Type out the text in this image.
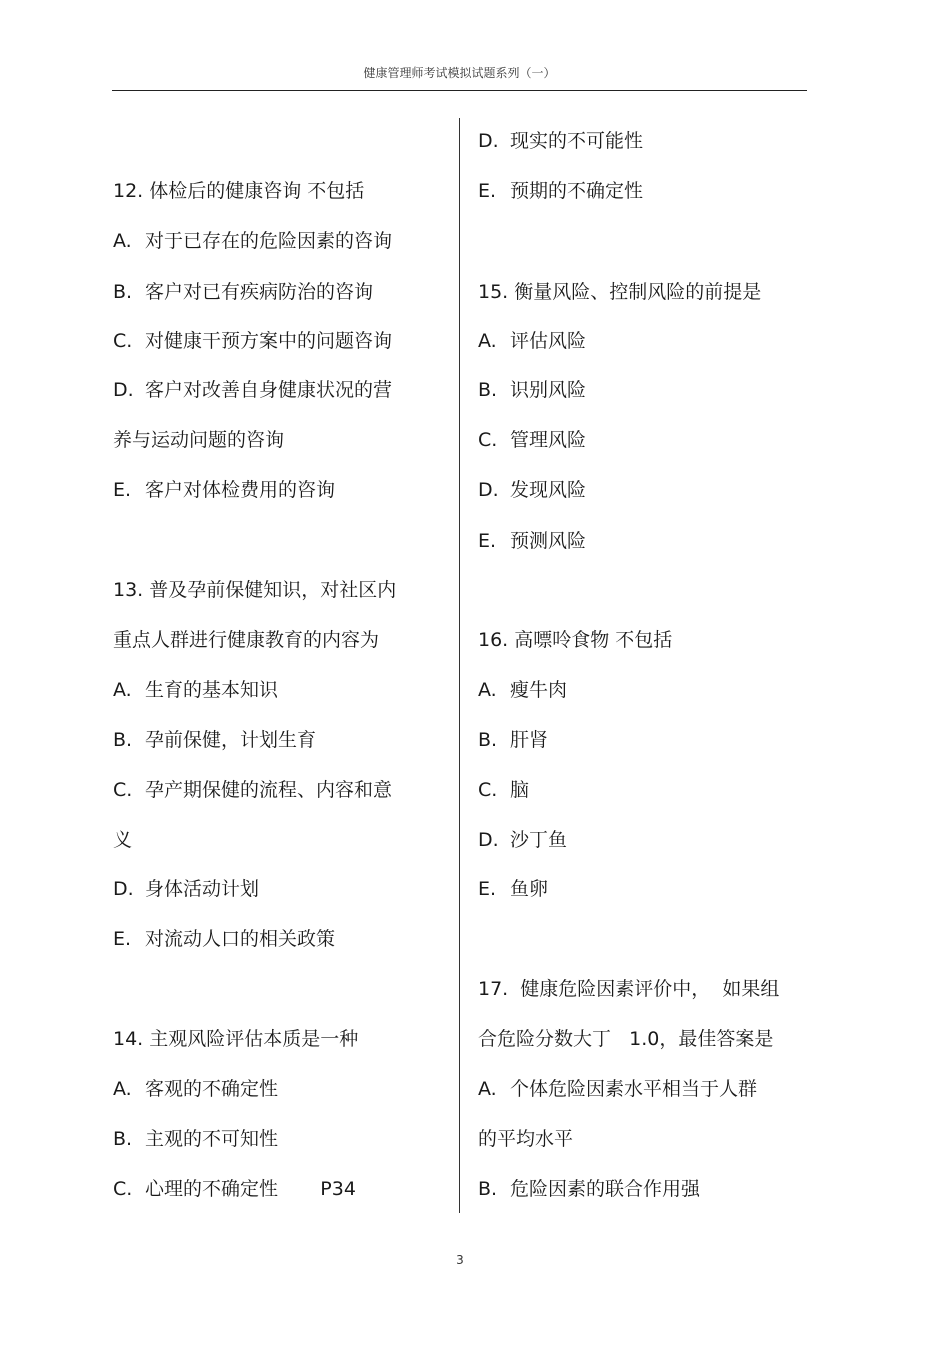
健康管理师考试模拟试题系列（一）
12. 体检后的健康咨询 不包括
A. 对于已存在的危险因素的咨询
B. 客户对已有疾病防治的咨询
C. 对健康干预方案中的问题咨询
D. 客户对改善自身健康状况的营
养与运动问题的咨询
E. 客户对体检费用的咨询
13. 普及孕前保健知识，对社区内
重点人群进行健康教育的内容为
A. 生育的基本知识
B. 孕前保健，计划生育
C. 孕产期保健的流程、内容和意
义
D. 身体活动计划
E. 对流动人口的相关政策
14. 主观风险评估本质是一种
A. 客观的不确定性
B. 主观的不可知性
C. 心理的不确定性       P34
D. 现实的不可能性
E. 预期的不确定性
15. 衡量风险、控制风险的前提是
A. 评估风险
B. 识别风险
C. 管理风险
D. 发现风险
E. 预测风险
16. 高嘌呤食物 不包括
A. 瘦牛肉
B. 肝肾
C. 脑
D. 沙丁鱼
E. 鱼卵
17.  健康危险因素评价中，  如果组
合危险分数大丁   1.0，最佳答案是
A. 个体危险因素水平相当于人群
的平均水平
B. 危险因素的联合作用强
3
